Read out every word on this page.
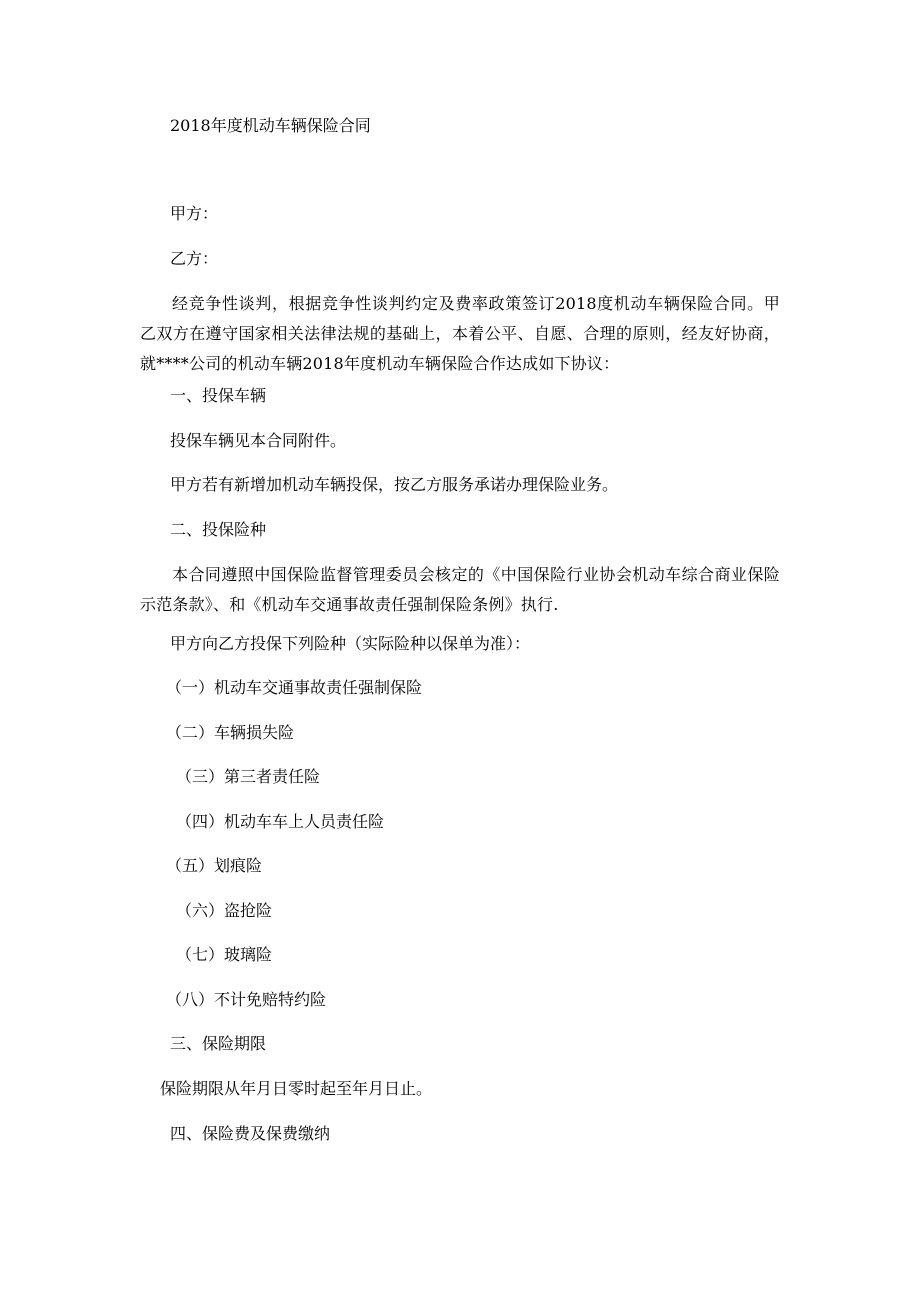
2018年度机动车辆保险合同
甲方：
乙方：
经竞争性谈判，根据竞争性谈判约定及费率政策签订2018度机动车辆保险合同。甲乙双方在遵守国家相关法律法规的基础上，本着公平、自愿、合理的原则，经友好协商，就****公司的机动车辆2018年度机动车辆保险合作达成如下协议：
一、投保车辆
投保车辆见本合同附件。
甲方若有新增加机动车辆投保，按乙方服务承诺办理保险业务。
二、投保险种
本合同遵照中国保险监督管理委员会核定的《中国保险行业协会机动车综合商业保险示范条款》、和《机动车交通事故责任强制保险条例》执行.
甲方向乙方投保下列险种（实际险种以保单为准）：
（一）机动车交通事故责任强制保险
（二）车辆损失险
（三）第三者责任险
（四）机动车车上人员责任险
（五）划痕险
（六）盗抢险
（七）玻璃险
（八）不计免赔特约险
三、保险期限
保险期限从年月日零时起至年月日止。
四、保险费及保费缴纳
